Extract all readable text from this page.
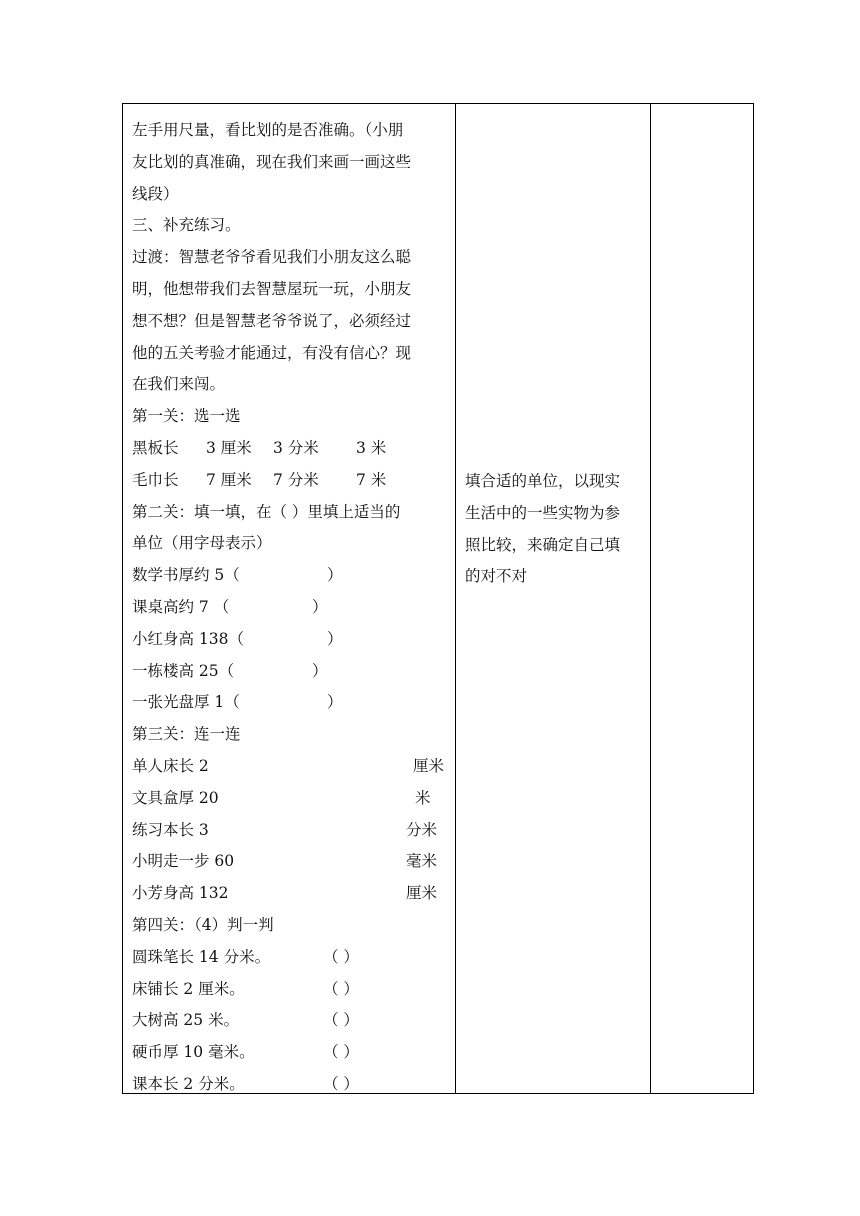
左手用尺量，看比划的是否准确。（小朋
友比划的真准确，现在我们来画一画这些
线段）
三、补充练习。
过渡：智慧老爷爷看见我们小朋友这么聪
明，他想带我们去智慧屋玩一玩，小朋友
想不想？但是智慧老爷爷说了，必须经过
他的五关考验才能通过，有没有信心？现
在我们来闯。
第一关：选一选
黑板长 3 厘米 3 分米 3 米
毛巾长 7 厘米 7 分米 7 米
第二关：填一填，在（ ）里填上适当的
单位（用字母表示）
数学书厚约 5（	）
课桌高约 7 （	）
小红身高 138（	）
一栋楼高 25（	）
一张光盘厚 1（	）
第三关：连一连
单人床长 2	厘米
文具盒厚 20	米
练习本长 3	分米
小明走一步 60	毫米
小芳身高 132	厘米
第四关：（4）判一判
圆珠笔长 14 分米。	（ ）
床铺长 2 厘米。	（ ）
大树高 25 米。	（ ）
硬币厚 10 毫米。	（ ）
课本长 2 分米。	（ ）
填合适的单位，以现实
生活中的一些实物为参
照比较，来确定自己填
的对不对
